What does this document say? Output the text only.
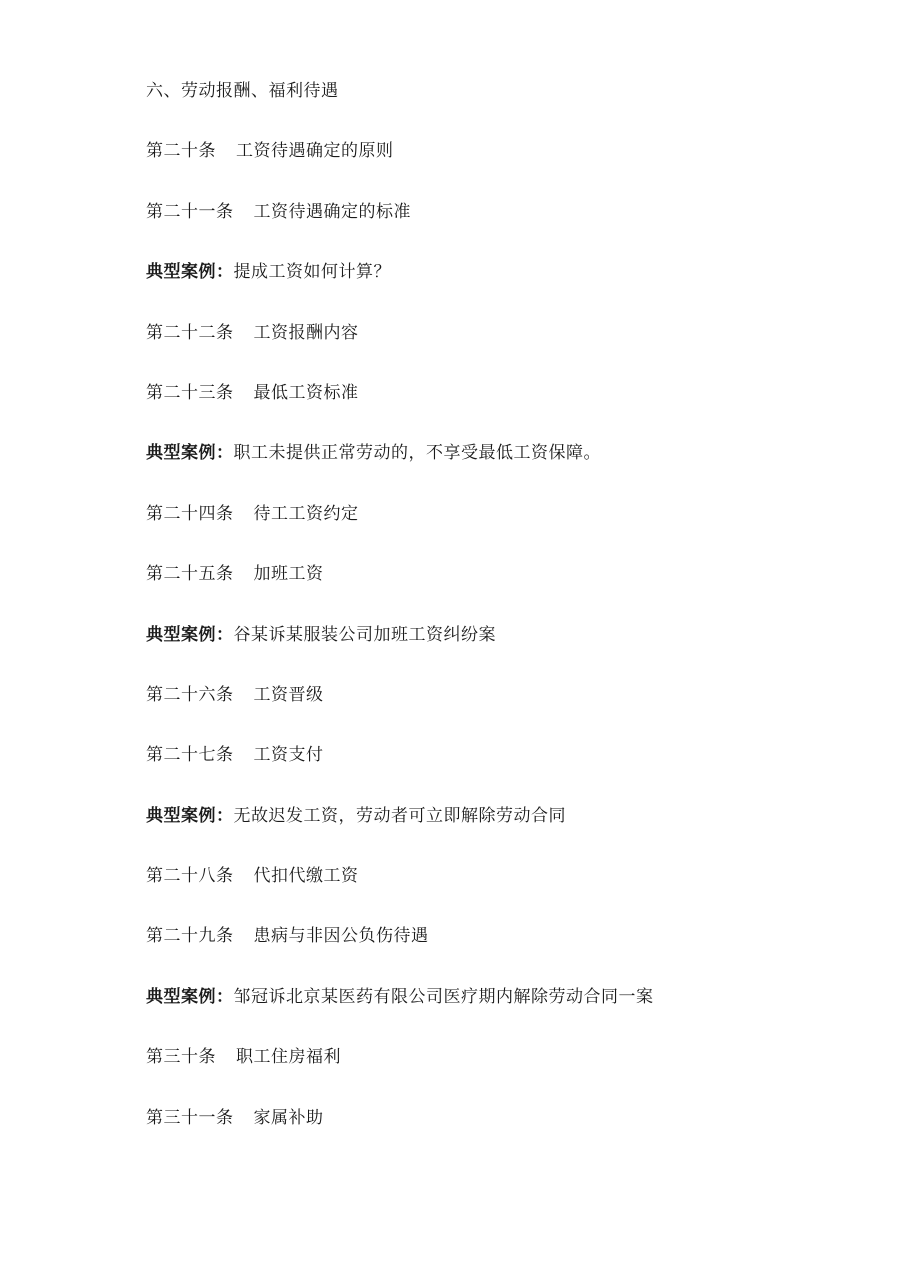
六、劳动报酬、福利待遇
第二十条 工资待遇确定的原则
第二十一条 工资待遇确定的标准
典型案例：提成工资如何计算？
第二十二条 工资报酬内容
第二十三条 最低工资标准
典型案例：职工未提供正常劳动的，不享受最低工资保障。
第二十四条 待工工资约定
第二十五条 加班工资
典型案例：谷某诉某服装公司加班工资纠纷案
第二十六条 工资晋级
第二十七条 工资支付
典型案例：无故迟发工资，劳动者可立即解除劳动合同
第二十八条 代扣代缴工资
第二十九条 患病与非因公负伤待遇
典型案例：邹冠诉北京某医药有限公司医疗期内解除劳动合同一案
第三十条 职工住房福利
第三十一条 家属补助
